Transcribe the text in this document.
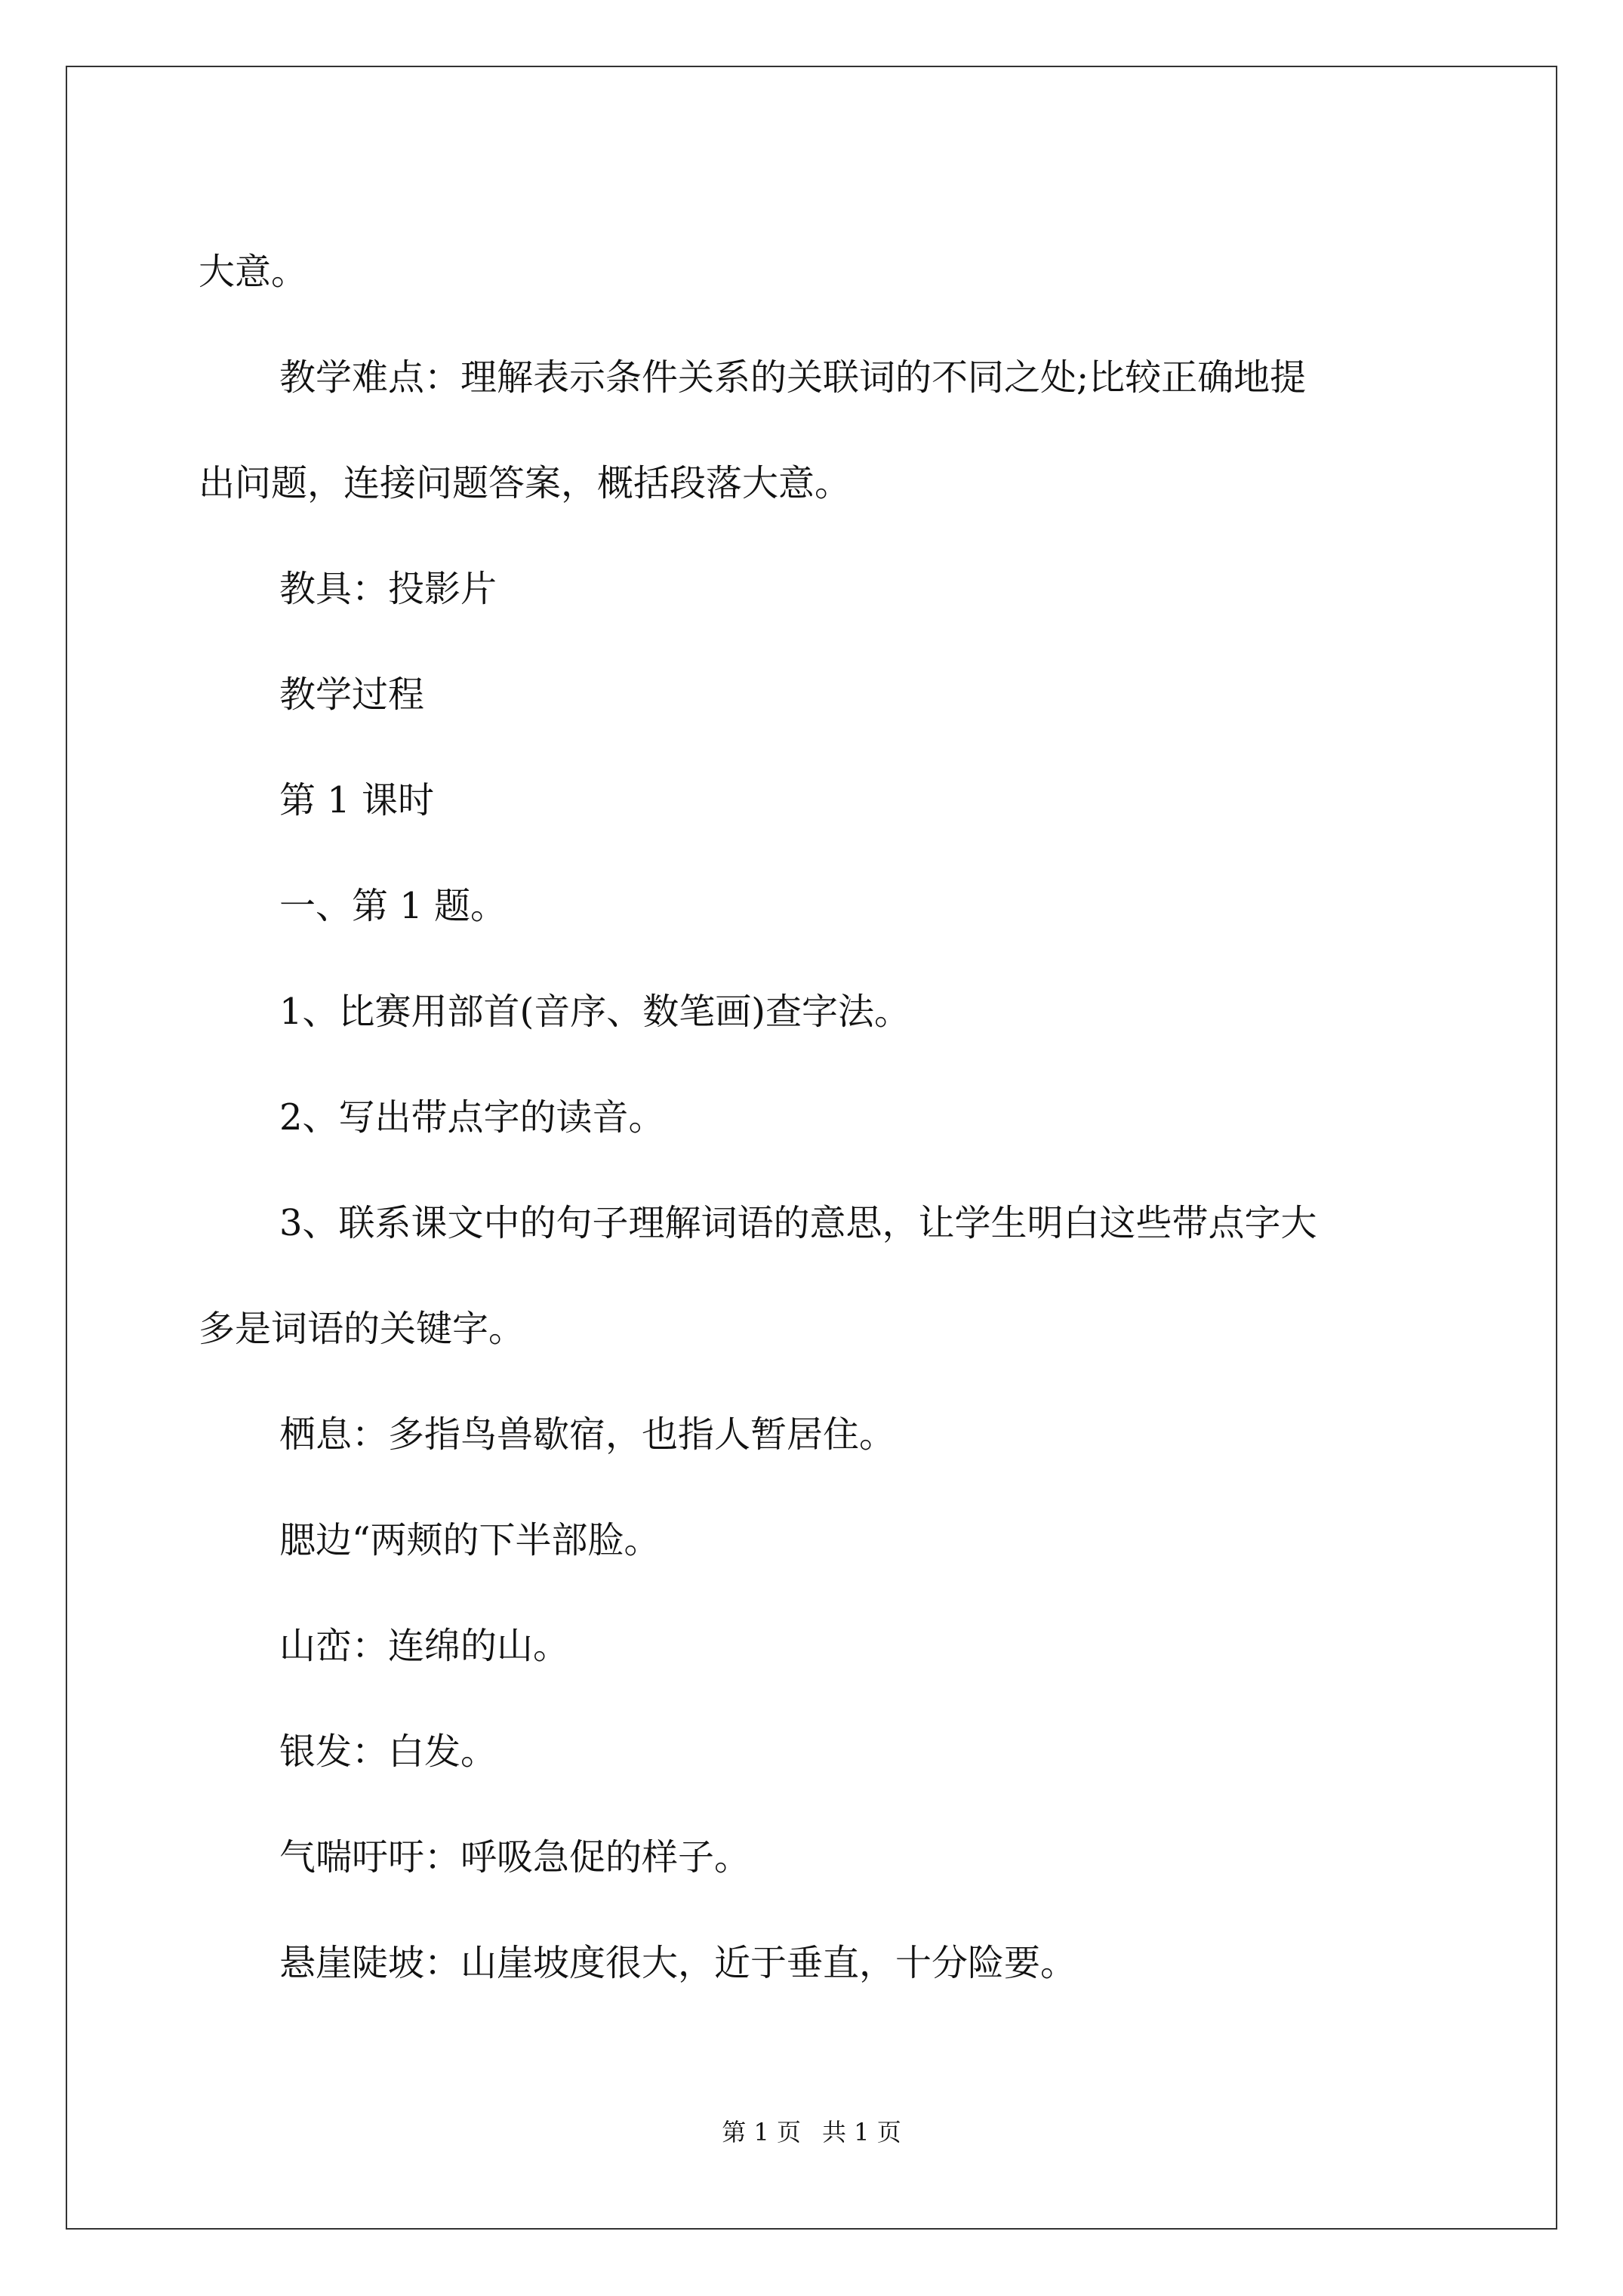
大意。

教学难点：理解表示条件关系的关联词的不同之处;比较正确地提

出问题，连接问题答案，概括段落大意。

教具：投影片

教学过程

第 1 课时

一、第 1 题。

1、比赛用部首(音序、数笔画)查字法。

2、写出带点字的读音。

3、联系课文中的句子理解词语的意思，让学生明白这些带点字大

多是词语的关键字。

栖息：多指鸟兽歇宿，也指人暂居住。

腮边“两颊的下半部脸。

山峦：连绵的山。

银发：白发。

气喘吁吁：呼吸急促的样子。

悬崖陡坡：山崖坡度很大，近于垂直，十分险要。

第 1 页 共 1 页
